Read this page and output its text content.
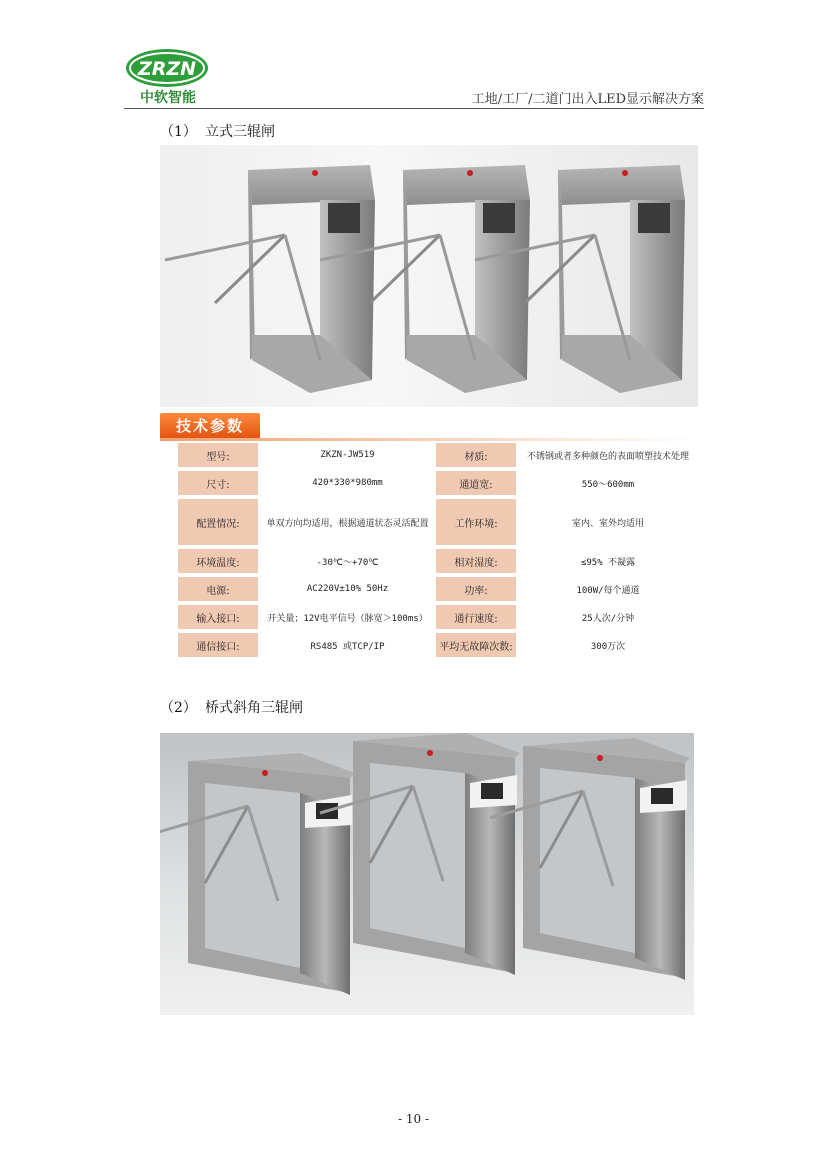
ZRZN
中软智能	工地/工厂/二道门出入LED显示解决方案
（1） 立式三辊闸
技术参数
型号:	ZKZN-JW519	材质:	不锈钢或者多种颜色的表面喷塑技术处理
尺寸:	420*330*980mm	通道宽:	550～600mm
配置情况:	单双方向均适用，根据通道状态灵活配置	工作环境:	室内、室外均适用
环境温度:	-30℃～+70℃	相对湿度:	≤95% 不凝露
电源:	AC220V±10% 50Hz	功率:	100W/每个通道
输入接口:	开关量；12V电平信号（脉宽＞100ms）	通行速度:	25人次/分钟
通信接口:	RS485 或TCP/IP	平均无故障次数:	300万次
（2） 桥式斜角三辊闸
- 10 -
